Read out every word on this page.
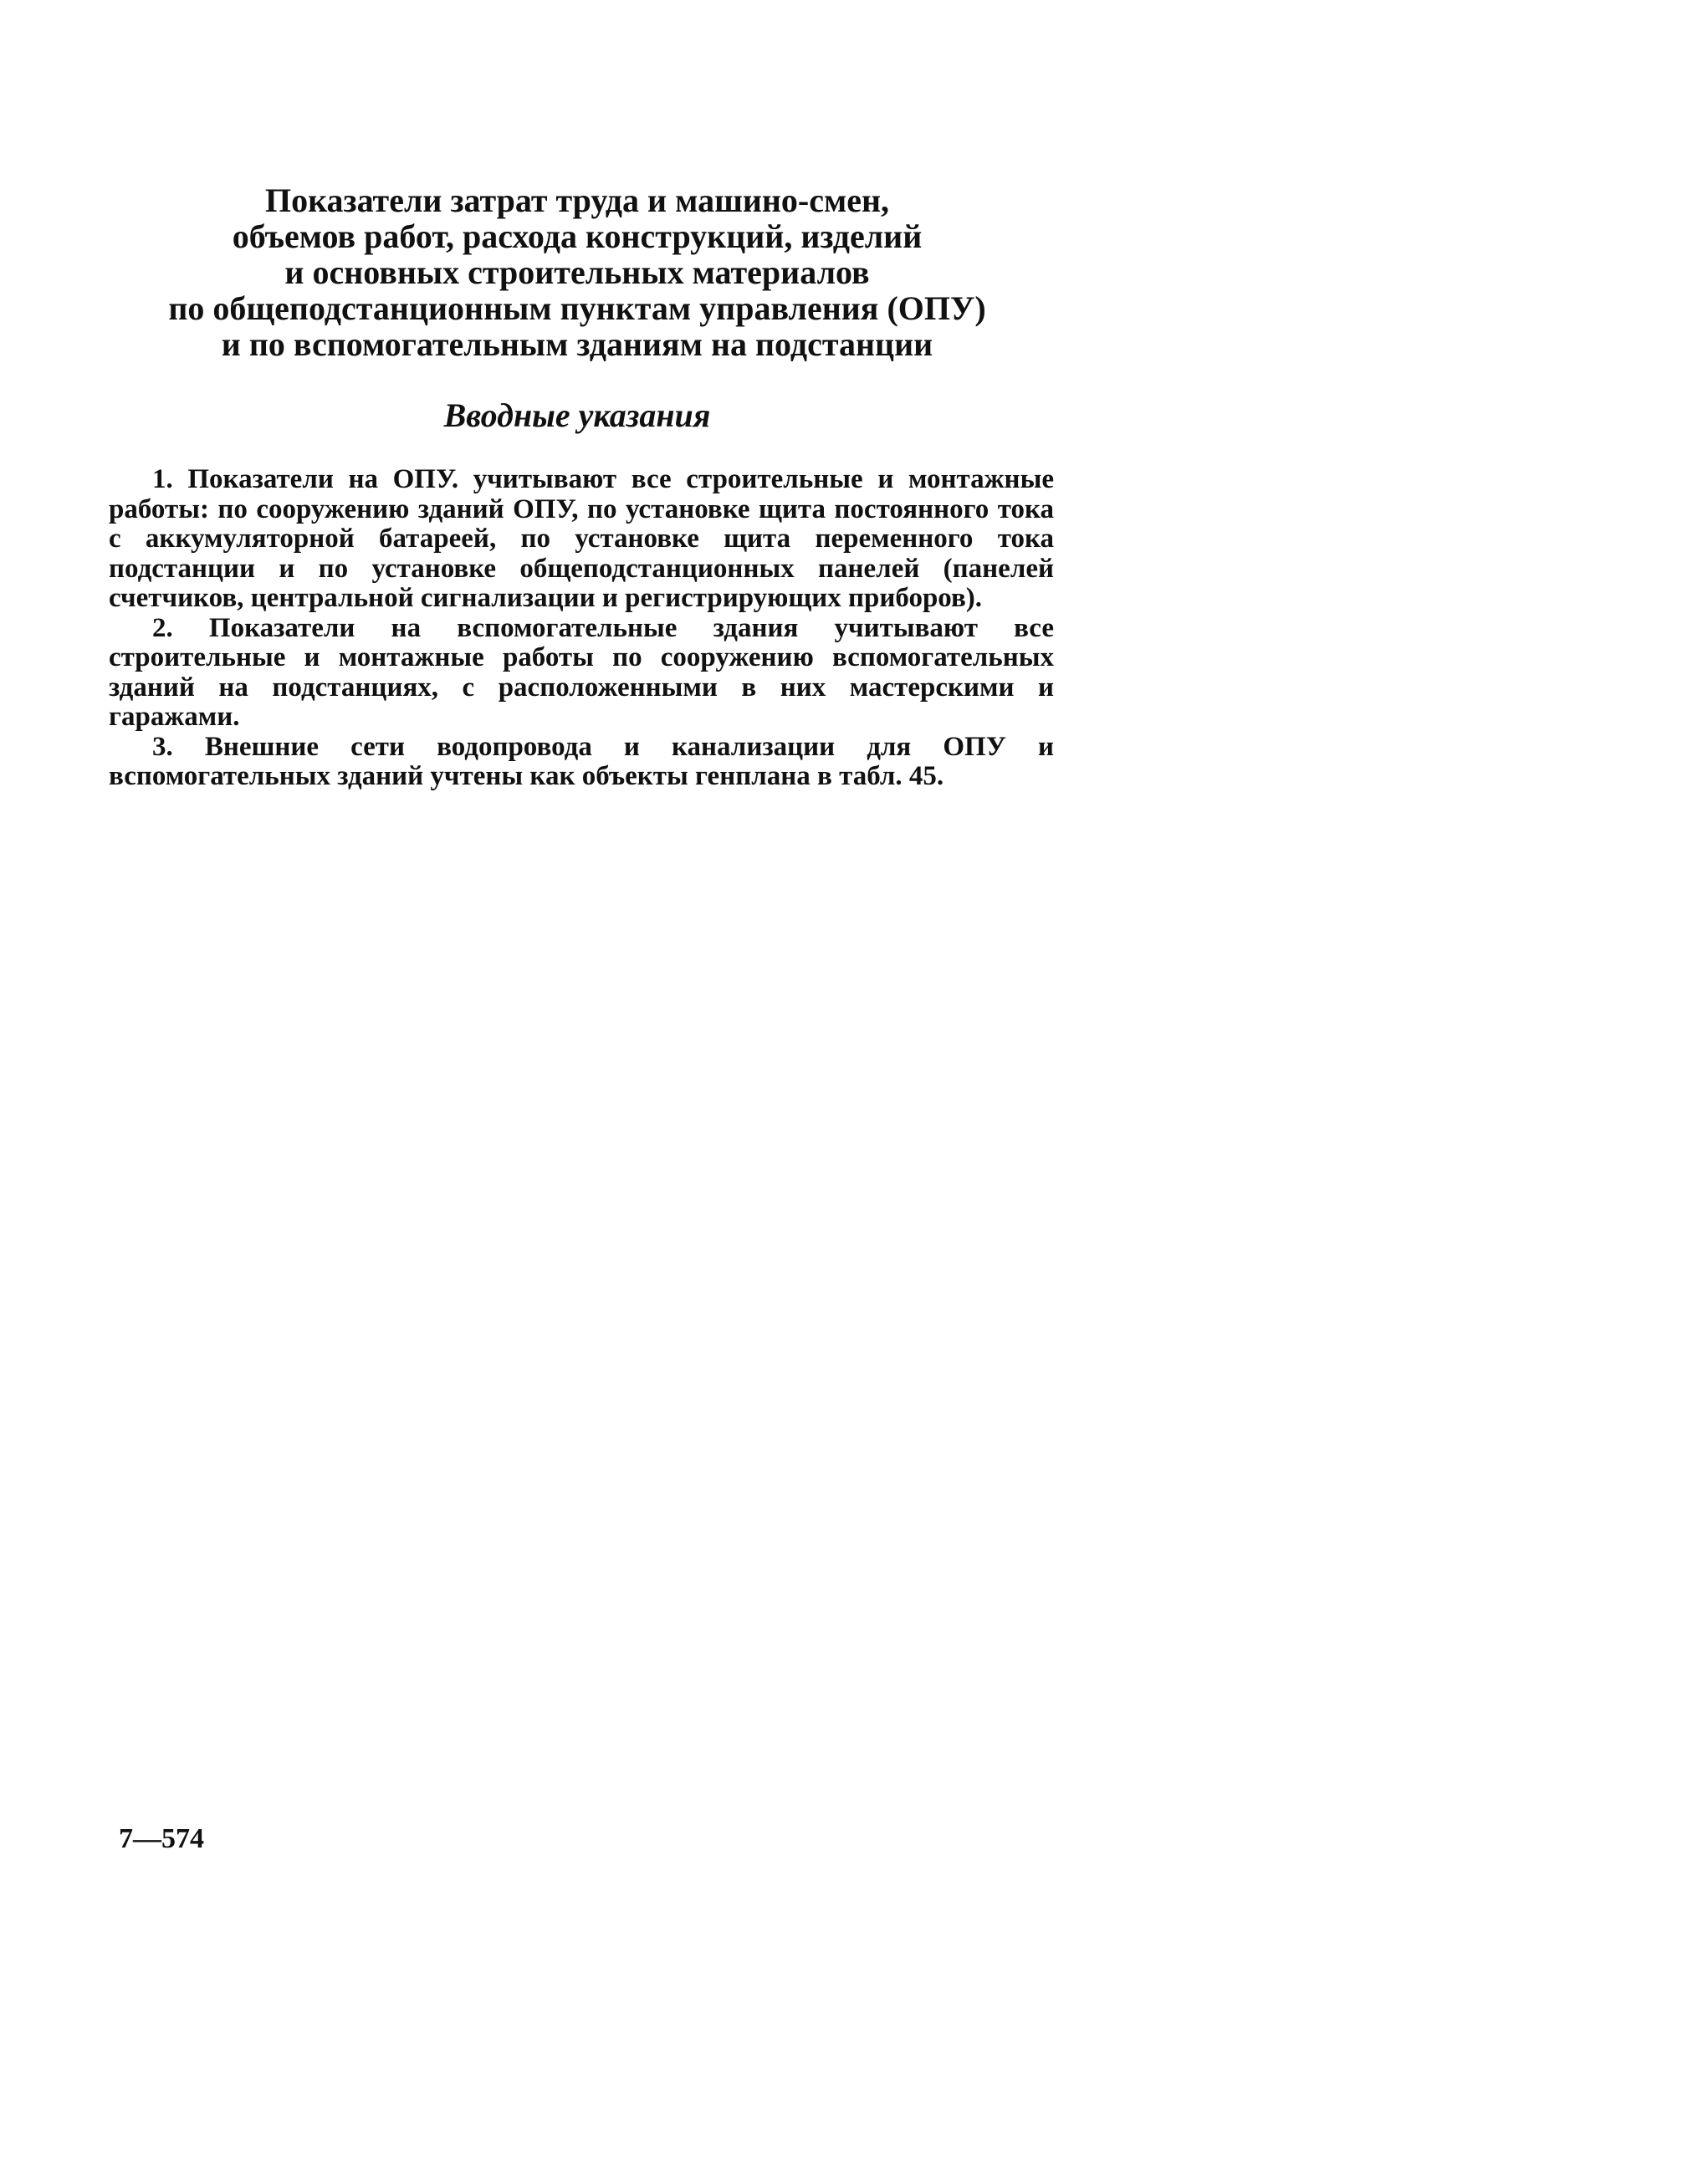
Показатели затрат труда и машино-смен,
объемов работ, расхода конструкций, изделий
и основных строительных материалов
по общеподстанционным пунктам управления (ОПУ)
и по вспомогательным зданиям на подстанции
Вводные указания

1. Показатели на ОПУ. учитывают все строительные и монтажные работы: по сооружению зданий ОПУ, по установке щита постоянного тока с аккумуляторной батареей, по установке щита переменного тока подстанции и по установке общеподстанционных панелей (панелей счетчиков, центральной сигнализации и регистрирующих приборов).

2. Показатели на вспомогательные здания учитывают все строительные и монтажные работы по сооружению вспомогательных зданий на подстанциях, с расположенными в них мастерскими и гаражами.

3. Внешние сети водопровода и канализации для ОПУ и вспомогательных зданий учтены как объекты генплана в табл. 45.

7—574
